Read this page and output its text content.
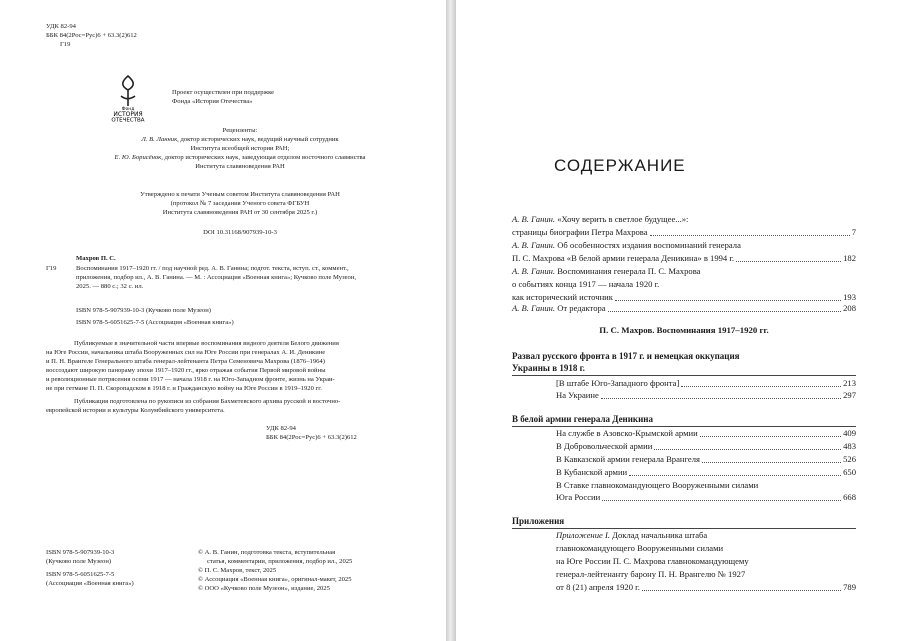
УДК 82-94
ББК 84(2Рос=Рус)6 + 63.3(2)612
Г19
Фонд
ИСТОРИЯ
ОТЕЧЕСТВА
Проект осуществлен при поддержке
Фонда «История Отечества»
Рецензенты:
Л. В. Ланник, доктор исторических наук, ведущий научный сотрудник
Института всеобщей истории РАН;
Е. Ю. Борисёнок, доктор исторических наук, заведующая отделом восточного славянства
Института славяноведения РАН
Утверждено к печати Ученым советом Института славяноведения РАН
(протокол № 7 заседания Ученого совета ФГБУН
Института славяноведения РАН от 30 сентября 2025 г.)
DOI 10.31168/907939-10-3
Махров П. С.
Г19	Воспоминания 1917–1920 гг. / под научной ред. А. В. Ганина; подгот. текста, вступ. ст., коммент.,
приложения, подбор ил., А. В. Ганина. — М. : Ассоциация «Военная книга»; Кучково поле Музеон,
2025. — 880 с.; 32 с. ил.
ISBN 978-5-907939-10-3 (Кучково поле Музеон)
ISBN 978-5-6051625-7-5 (Ассоциация «Военная книга»)
Публикуемые в значительной части впервые воспоминания видного деятеля Белого движения
на Юге России, начальника штаба Вооруженных сил на Юге России при генералах А. И. Деникине
и П. Н. Врангеле Генерального штаба генерал-лейтенанта Петра Семеновича Махрова (1876–1964)
воссоздают широкую панораму эпохи 1917–1920 гг., ярко отражая события Первой мировой войны
и революционные потрясения осени 1917 — начала 1918 г. на Юго-Западном фронте, жизнь на Украи-
не при гетмане П. П. Скоропадском в 1918 г. и Гражданскую войну на Юге России в 1919–1920 гг.
Публикация подготовлена по рукописи из собрания Бахметевского архива русской и восточно-
европейской истории и культуры Колумбийского университета.
УДК 82-94
ББК 84(2Рос=Рус)6 + 63.3(2)612
ISBN 978-5-907939-10-3
(Кучково поле Музеон)
ISBN 978-5-6051625-7-5
(Ассоциация «Военная книга»)
© А. В. Ганин, подготовка текста, вступительная
статья, комментарии, приложения, подбор ил., 2025
© П. С. Махров, текст, 2025
© Ассоциация «Военная книга», оригинал-макет, 2025
© ООО «Кучково поле Музеон», издание, 2025
СОДЕРЖАНИЕ
А. В. Ганин. «Хочу верить в светлое будущее...»:
страницы биографии Петра Махрова	7
А. В. Ганин. Об особенностях издания воспоминаний генерала
П. С. Махрова «В белой армии генерала Деникина» в 1994 г.	182
А. В. Ганин. Воспоминания генерала П. С. Махрова
о событиях конца 1917 — начала 1920 г.
как исторический источник	193
А. В. Ганин. От редактора	208
П. С. Махров. Воспоминания 1917–1920 гг.
Развал русского фронта в 1917 г. и немецкая оккупация
Украины в 1918 г.
[В штабе Юго-Западного фронта]	213
На Украине	297
В белой армии генерала Деникина
На службе в Азовско-Крымской армии	409
В Добровольческой армии	483
В Кавказской армии генерала Врангеля	526
В Кубанской армии	650
В Ставке главнокомандующего Вооруженными силами
Юга России	668
Приложения
Приложение I. Доклад начальника штаба
главнокомандующего Вооруженными силами
на Юге России П. С. Махрова главнокомандующему
генерал-лейтенанту барону П. Н. Врангелю № 1927
от 8 (21) апреля 1920 г.	789
